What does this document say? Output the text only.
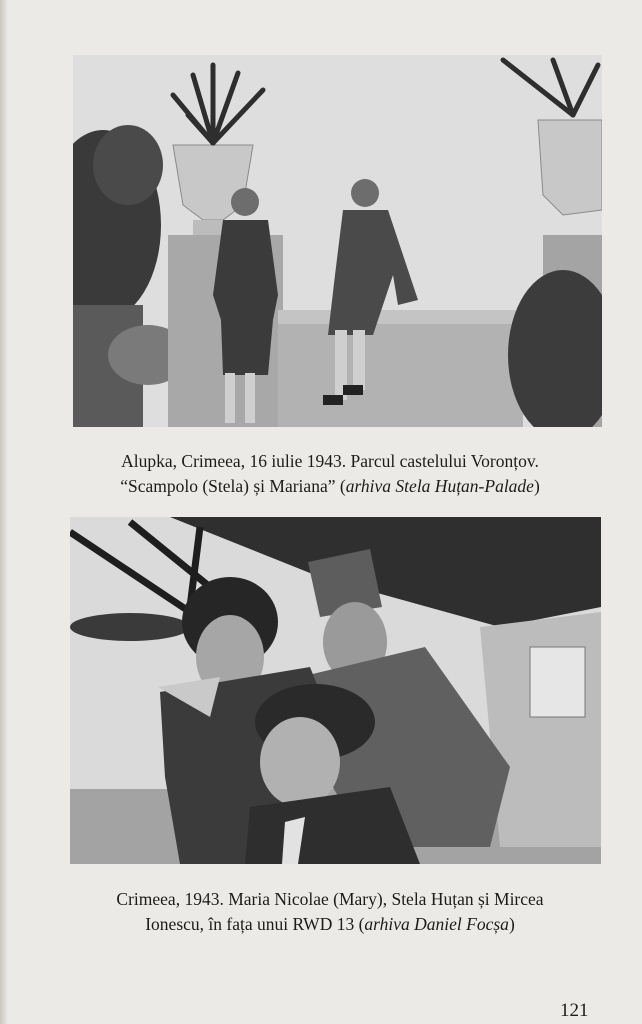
Alupka, Crimeea, 16 iulie 1943. Parcul castelului Voronțov.
“Scampolo (Stela) și Mariana” (arhiva Stela Huțan-Palade)
Crimeea, 1943. Maria Nicolae (Mary), Stela Huțan și Mircea
Ionescu, în fața unui RWD 13 (arhiva Daniel Focșa)
121
